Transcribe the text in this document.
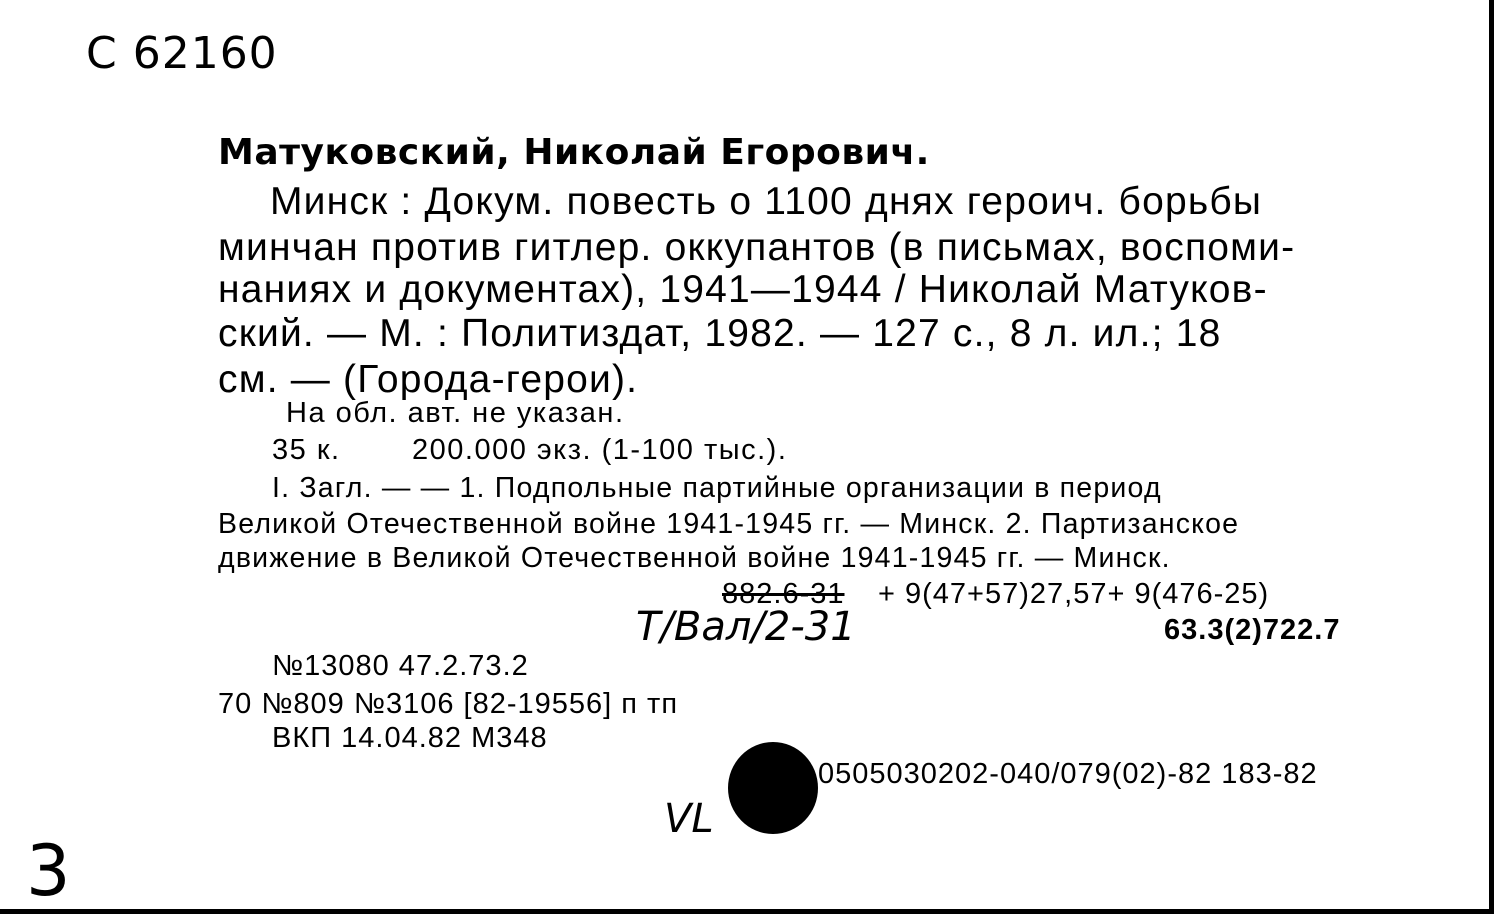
С 62160
Матуковский, Николай Егорович.
Минск : Докум. повесть о 1100 днях героич. борьбы
минчан против гитлер. оккупантов (в письмах, воспоми-
наниях и документах), 1941—1944 / Николай Матуков-
ский. — М. : Политиздат, 1982. — 127 с., 8 л. ил.; 18
см. — (Города-герои).
На обл. авт. не указан.
35 к. 200.000 экз. (1-100 тыс.).
I. Загл. — — 1. Подпольные партийные организации в период
Великой Отечественной войне 1941-1945 гг. — Минск. 2. Партизанское
движение в Великой Отечественной войне 1941-1945 гг. — Минск.
882.6-31 + 9(47+57)27,57+ 9(476-25)
63.3(2)722.7
Т/Вал/2-31
№13080 47.2.73.2
70 №809 №3106 [82-19556] п тп
ВКП 14.04.82 М348
0505030202-040/079(02)-82 183-82
VL
3
